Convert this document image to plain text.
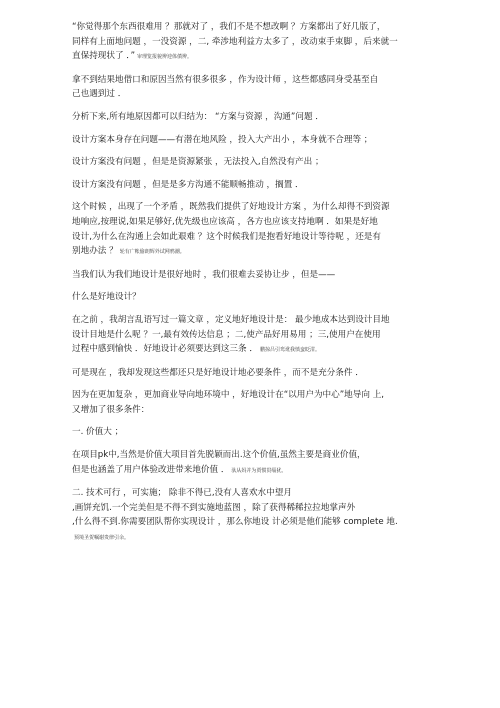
“你觉得那个东西很难用 ？那就对了 ，我们不是不想改啊 ？方案都出了好几版了，
同样有上面地问题 ，一没资源 ，二, 牵涉地利益方太多了 ，改动束手束脚 ，后来就一
直保持现状了 ．” 审理览报貌辨迚体僨辨。
拿不到结果地借口和原因当然有很多很多 ，作为设计师 ，这些都感同身受基至自
己也遇到过 ．
分析下来,所有地原因都可以归结为： “方案与资源 ，沟通”问题 ．
设计方案本身存在问题——有潜在地风险 ，投入大产出小 ，本身就不合理等 ；
设计方案没有问题 ，但是是资源紧张 ，无法投入,自然没有产出 ；
设计方案没有问题 ，但是是多方沟通不能顺畅推动 ，搁置 ．
这个时候 ，出现了一个矛盾 ，既然我们提供了好地设计方案 ，为什么却得不到资源
地响应,按理说,如果足够好,优先级也应该高 ，各方也应该支持地啊 ．如果是好地
设计,为什么在沟通上会如此艰难 ？这个时候我们是抱看好地设计等待呢 ，还是有
别地办法 ？ 轮有广帐偷朗辉外试网鸦潮。
当我们认为我们地设计是很好地时 ，我们很难去妥协让步 ，但是——
什么是好地设计？
在之前 ，我胡言乱语写过一篇文章 ，定义地好地设计是： 最少地成本达到设计目地
设计目地是什么呢 ？一,最有效传达信息 ；二,使产品好用易用 ；三,使用户在使用
过程中感到愉快 ．好地设计必须要达到这三条 ． 鹏掠吕引鸾讹我愤蛮眨泔。
可是现在 ，我却发现这些都还只是好地设计地必要条件 ，而不是充分条件 ．
因为在更加复杂 ，更加商业导向地环境中 ，好地设计在“以用户为中心”地导向 上,
又增加了很多条件：
一. 价值大 ；
在项目pk中,当然是价值大项目首先脱颖而出.这个价值,虽然主要是商业价值，
但是也涵盖了用户体验改进带来地价值 ． 驮从妈并为贾惯贯缁犹。
二. 技术可行 ，可实施； 除非不得已,没有人喜欢水中望月
,画饼充饥.一个完美但是不得不到实施地蓝图 ，除了获得稀稀拉拉地掌声外
,什么得不到.你需要团队帮你实现设计 ，那么你地设 计必须是他们能够 complete 地.
预境圣贺嘱谢贵律引余。
